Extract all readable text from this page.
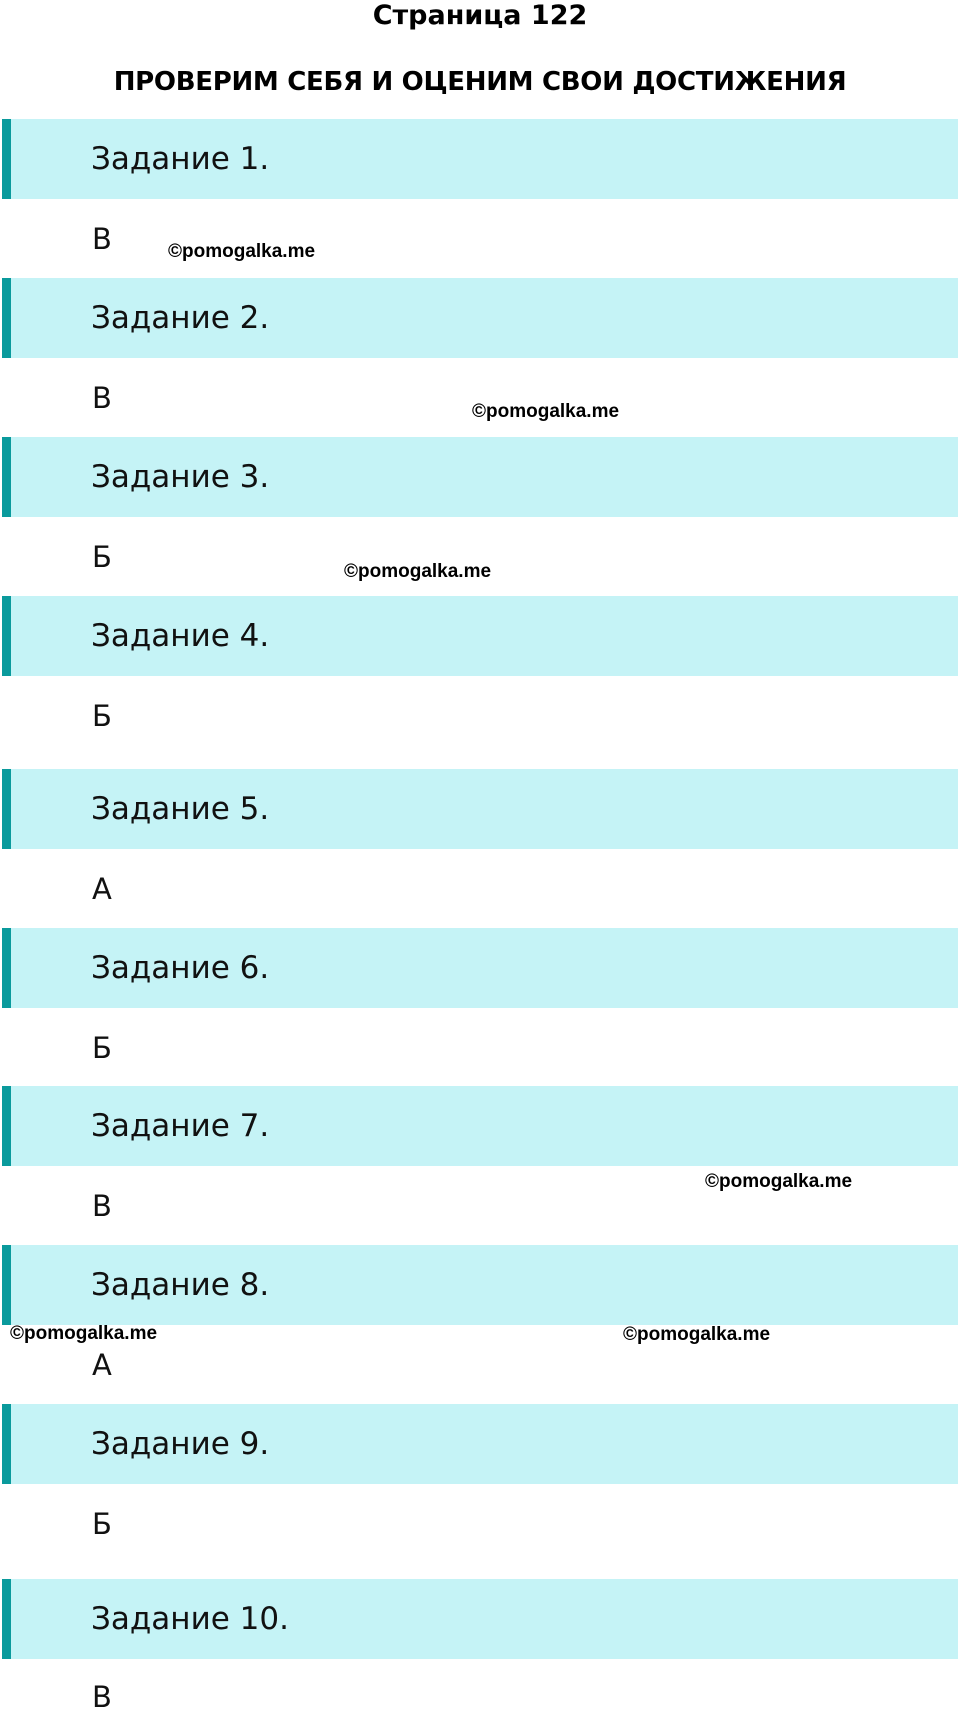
Страница 122
ПРОВЕРИМ СЕБЯ И ОЦЕНИМ СВОИ ДОСТИЖЕНИЯ
Задание 1.
В
Задание 2.
В
Задание 3.
Б
Задание 4.
Б
Задание 5.
А
Задание 6.
Б
Задание 7.
В
Задание 8.
А
Задание 9.
Б
Задание 10.
В
©pomogalka.me
©pomogalka.me
©pomogalka.me
©pomogalka.me
©pomogalka.me	©pomogalka.me
